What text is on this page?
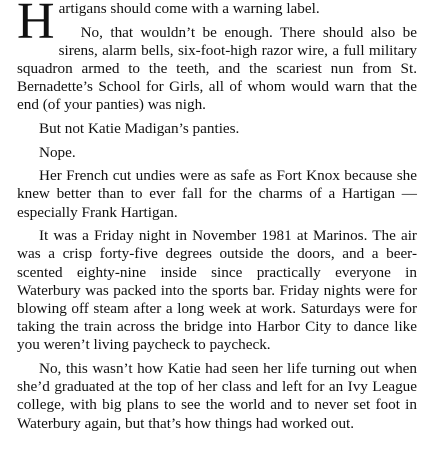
Hartigans should come with a warning label.

No, that wouldn’t be enough. There should also be sirens, alarm bells, six-foot-high razor wire, a full military squadron armed to the teeth, and the scariest nun from St. Bernadette’s School for Girls, all of whom would warn that the end (of your panties) was nigh.

But not Katie Madigan’s panties.

Nope.

Her French cut undies were as safe as Fort Knox because she knew better than to ever fall for the charms of a Hartigan —especially Frank Hartigan.

It was a Friday night in November 1981 at Marinos. The air was a crisp forty-five degrees outside the doors, and a beer-scented eighty-nine inside since practically everyone in Waterbury was packed into the sports bar. Friday nights were for blowing off steam after a long week at work. Saturdays were for taking the train across the bridge into Harbor City to dance like you weren’t living paycheck to paycheck.

No, this wasn’t how Katie had seen her life turning out when she’d graduated at the top of her class and left for an Ivy League college, with big plans to see the world and to never set foot in Waterbury again, but that’s how things had worked out.
